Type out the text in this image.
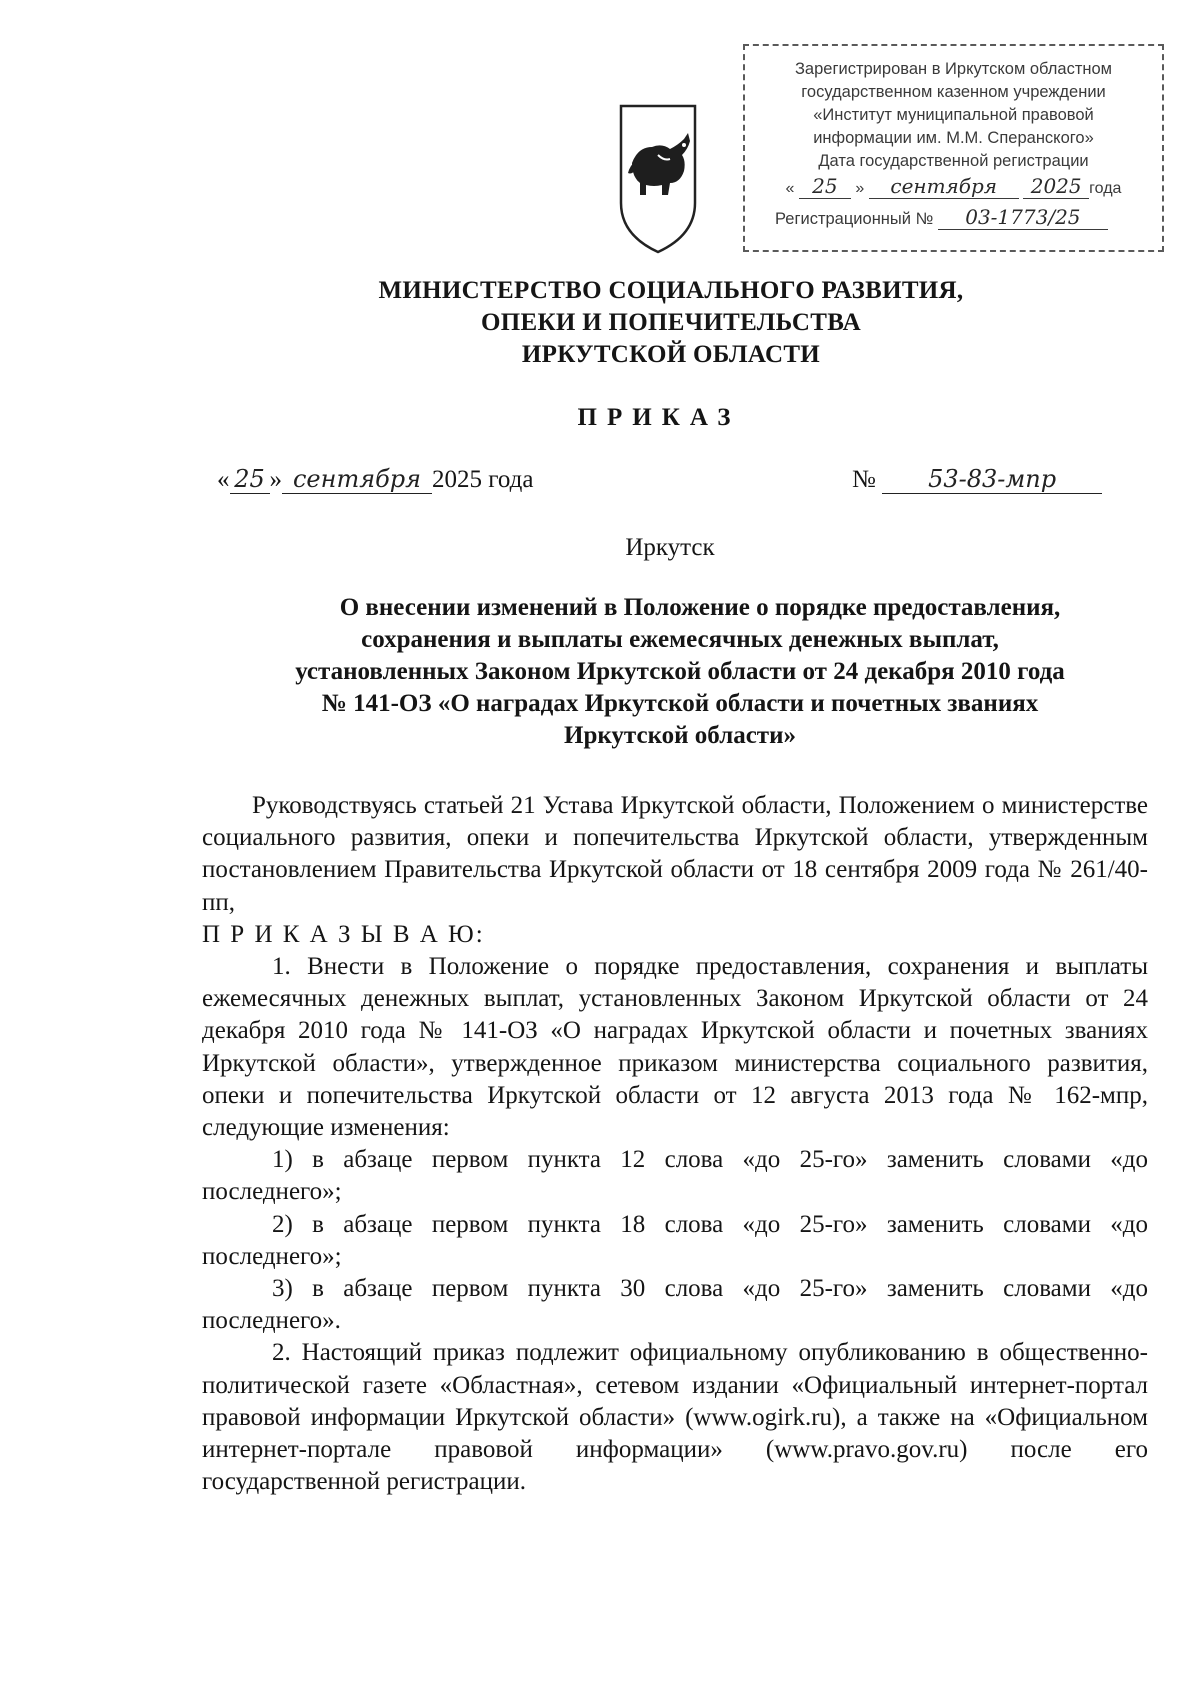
Зарегистрирован в Иркутском областном
государственном казенном учреждении
«Институт муниципальной правовой
информации им. М.М. Сперанского»
Дата государственной регистрации
« 25 » сентября 2025 года
Регистрационный № 03-1773/25
МИНИСТЕРСТВО СОЦИАЛЬНОГО РАЗВИТИЯ,
ОПЕКИ И ПОПЕЧИТЕЛЬСТВА
ИРКУТСКОЙ ОБЛАСТИ
ПРИКАЗ
« 25 » сентября 2025 года	№ 53-83-мпр
Иркутск
О внесении изменений в Положение о порядке предоставления,
сохранения и выплаты ежемесячных денежных выплат,
установленных Законом Иркутской области от 24 декабря 2010 года
№ 141-ОЗ «О наградах Иркутской области и почетных званиях
Иркутской области»

Руководствуясь статьей 21 Устава Иркутской области, Положением о министерстве социального развития, опеки и попечительства Иркутской области, утвержденным постановлением Правительства Иркутской области от 18 сентября 2009 года № 261/40-пп,

П Р И К А З Ы В А Ю:

1. Внести в Положение о порядке предоставления, сохранения и выплаты ежемесячных денежных выплат, установленных Законом Иркутской области от 24 декабря 2010 года № 141-ОЗ «О наградах Иркутской области и почетных званиях Иркутской области», утвержденное приказом министерства социального развития, опеки и попечительства Иркутской области от 12 августа 2013 года № 162-мпр, следующие изменения:

1) в абзаце первом пункта 12 слова «до 25-го» заменить словами «до последнего»;

2) в абзаце первом пункта 18 слова «до 25-го» заменить словами «до последнего»;

3) в абзаце первом пункта 30 слова «до 25-го» заменить словами «до последнего».

2. Настоящий приказ подлежит официальному опубликованию в общественно-политической газете «Областная», сетевом издании «Официальный интернет-портал правовой информации Иркутской области» (www.ogirk.ru), а также на «Официальном интернет-портале правовой информации» (www.pravo.gov.ru) после его государственной регистрации.
